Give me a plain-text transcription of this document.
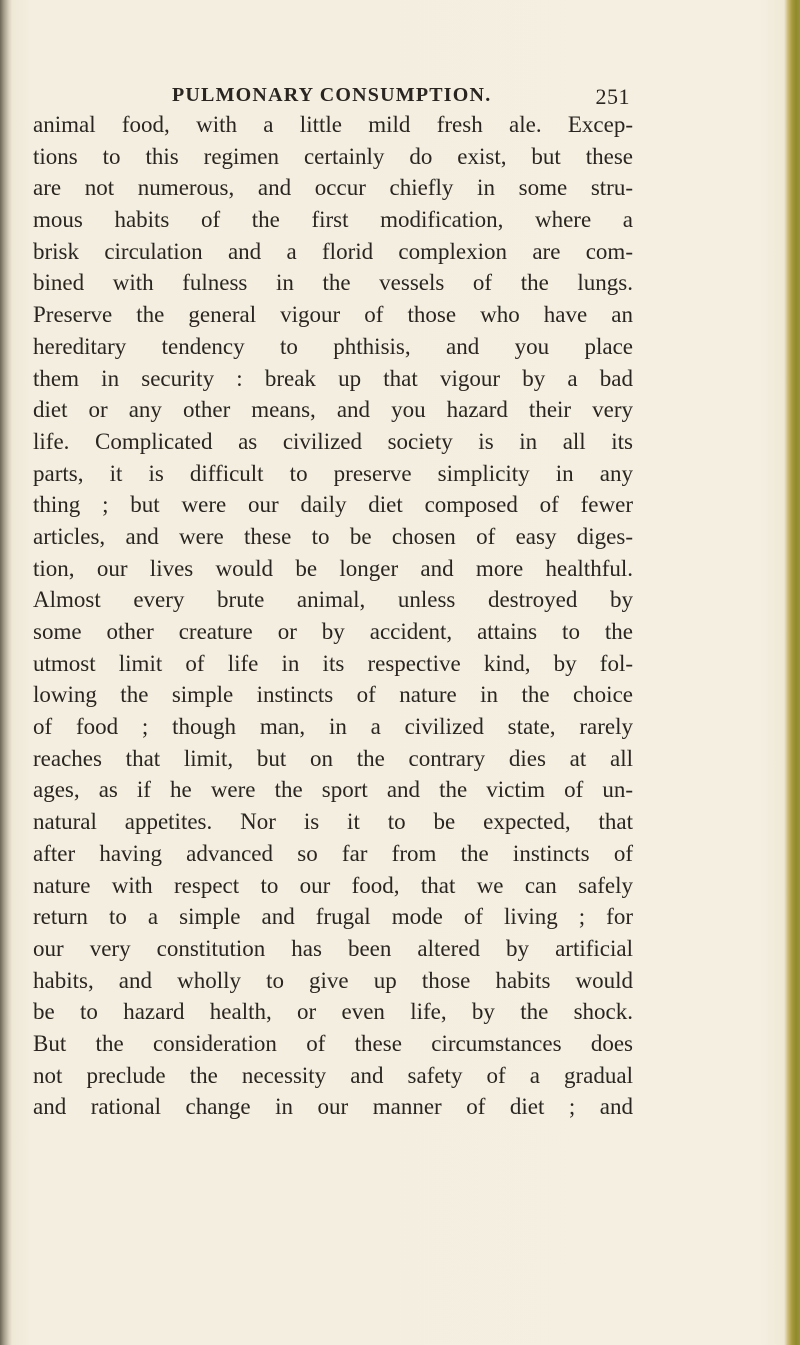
PULMONARY CONSUMPTION.	251
animal food, with a little mild fresh ale. Excep-
tions to this regimen certainly do exist, but these
are not numerous, and occur chiefly in some stru-
mous habits of the first modification, where a
brisk circulation and a florid complexion are com-
bined with fulness in the vessels of the lungs.
Preserve the general vigour of those who have an
hereditary tendency to phthisis, and you place
them in security : break up that vigour by a bad
diet or any other means, and you hazard their very
life. Complicated as civilized society is in all its
parts, it is difficult to preserve simplicity in any
thing ; but were our daily diet composed of fewer
articles, and were these to be chosen of easy diges-
tion, our lives would be longer and more healthful.
Almost every brute animal, unless destroyed by
some other creature or by accident, attains to the
utmost limit of life in its respective kind, by fol-
lowing the simple instincts of nature in the choice
of food ; though man, in a civilized state, rarely
reaches that limit, but on the contrary dies at all
ages, as if he were the sport and the victim of un-
natural appetites. Nor is it to be expected, that
after having advanced so far from the instincts of
nature with respect to our food, that we can safely
return to a simple and frugal mode of living ; for
our very constitution has been altered by artificial
habits, and wholly to give up those habits would
be to hazard health, or even life, by the shock.
But the consideration of these circumstances does
not preclude the necessity and safety of a gradual
and rational change in our manner of diet ; and
